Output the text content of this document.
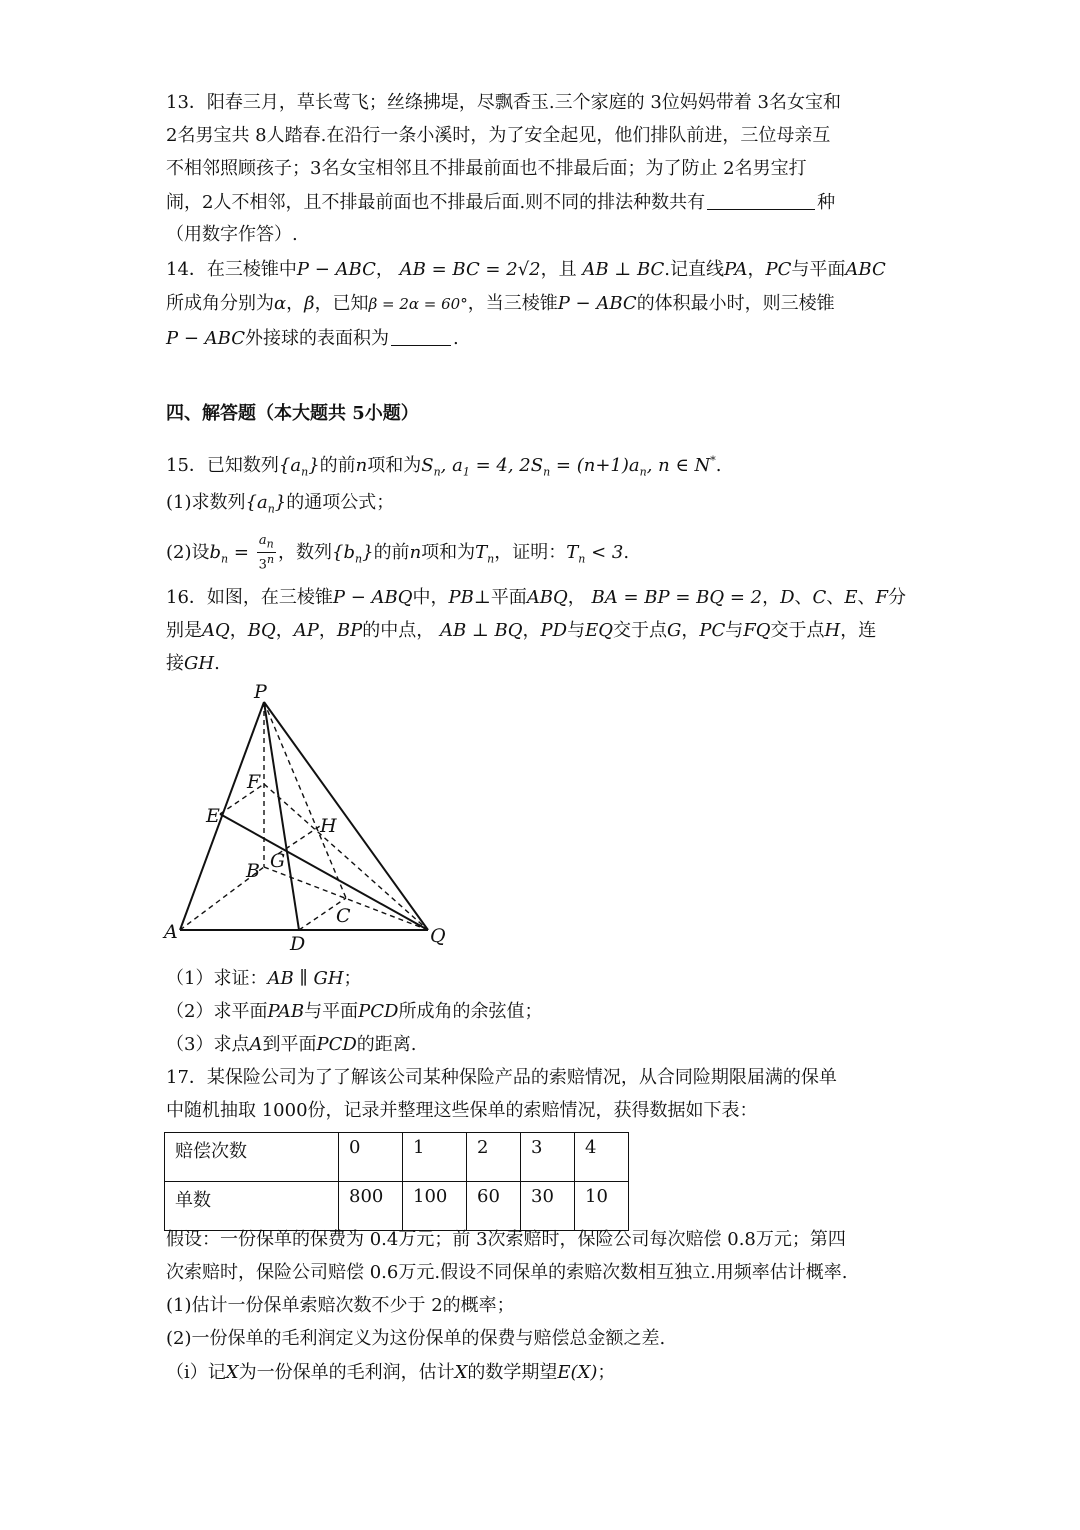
13．阳春三月，草长莺飞；丝绦拂堤，尽飘香玉.三个家庭的 3位妈妈带着 3名女宝和
2名男宝共 8人踏春.在沿行一条小溪时，为了安全起见，他们排队前进，三位母亲互
不相邻照顾孩子；3名女宝相邻且不排最前面也不排最后面；为了防止 2名男宝打
闹，2人不相邻，且不排最前面也不排最后面.则不同的排法种数共有	种
（用数字作答）.
14．在三棱锥中P − ABC， AB = BC = 2√2，且 AB ⊥ BC.记直线PA，PC与平面ABC
所成角分别为α，β，已知β = 2α = 60°，当三棱锥P − ABC的体积最小时，则三棱锥
P − ABC外接球的表面积为	.
四、解答题（本大题共 5小题）
15．已知数列$\{a_n\}$的前n项和为$S_n$, $a_1 = 4$, $2S_n = (n+1)a_n$, n ∈ N*.
(1)求数列$\{a_n\}$的通项公式；
(2)设$b_n = \frac{a_n}{3^n}$ ，数列$\{b_n\}$的前n项和为$T_n$，证明：$T_n < 3$.
16．如图，在三棱锥P − ABQ中，PB⊥平面ABQ， BA = BP = BQ = 2，D、C、E、F分
别是AQ，BQ，AP，BP的中点， AB ⊥ BQ，PD与EQ交于点G，PC与FQ交于点H，连
接GH.
P
F
E	H
G
B
C
A
D	Q
（1）求证：AB ∥ GH；
（2）求平面PAB与平面PCD所成角的余弦值；
（3）求点A到平面PCD的距离.
17．某保险公司为了了解该公司某种保险产品的索赔情况，从合同险期限届满的保单
中随机抽取 1000份，记录并整理这些保单的索赔情况，获得数据如下表：
赔偿次数	0	1	2	3	4
单数	800	100	60	30	10
假设：一份保单的保费为 0.4万元；前 3次索赔时，保险公司每次赔偿 0.8万元；第四
次索赔时，保险公司赔偿 0.6万元.假设不同保单的索赔次数相互独立.用频率估计概率.
(1)估计一份保单索赔次数不少于 2的概率；
(2)一份保单的毛利润定义为这份保单的保费与赔偿总金额之差.
（i）记X为一份保单的毛利润，估计X的数学期望E(X)；
